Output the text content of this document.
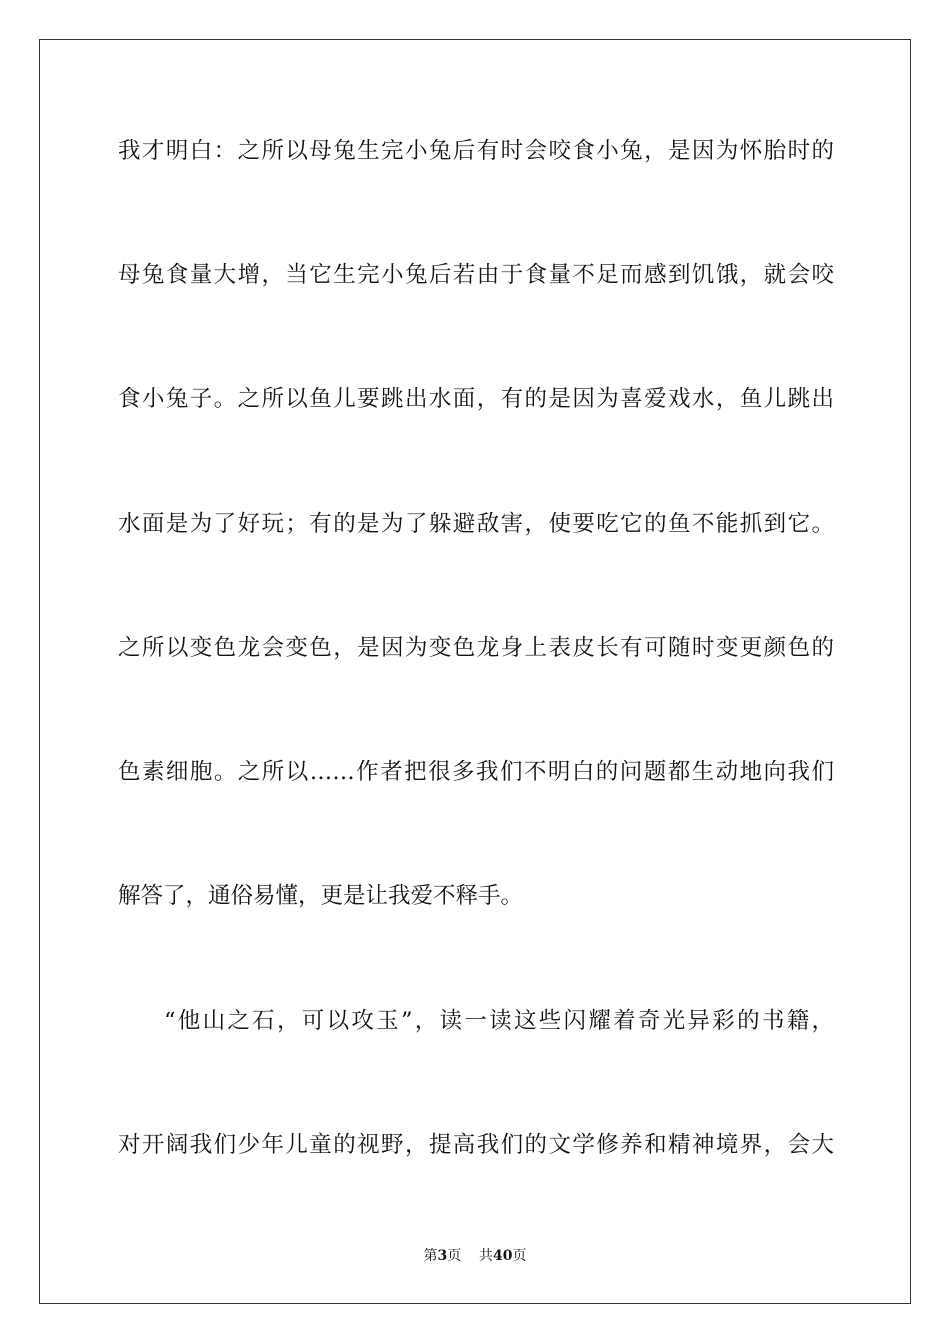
我才明白：之所以母兔生完小兔后有时会咬食小兔，是因为怀胎时的
母兔食量大增，当它生完小兔后若由于食量不足而感到饥饿，就会咬
食小兔子。之所以鱼儿要跳出水面，有的是因为喜爱戏水，鱼儿跳出
水面是为了好玩；有的是为了躲避敌害，使要吃它的鱼不能抓到它。
之所以变色龙会变色，是因为变色龙身上表皮长有可随时变更颜色的
色素细胞。之所以……作者把很多我们不明白的问题都生动地向我们
解答了，通俗易懂，更是让我爱不释手。
“他山之石，可以攻玉”，读一读这些闪耀着奇光异彩的书籍，
对开阔我们少年儿童的视野，提高我们的文学修养和精神境界，会大
第3页 共40页
